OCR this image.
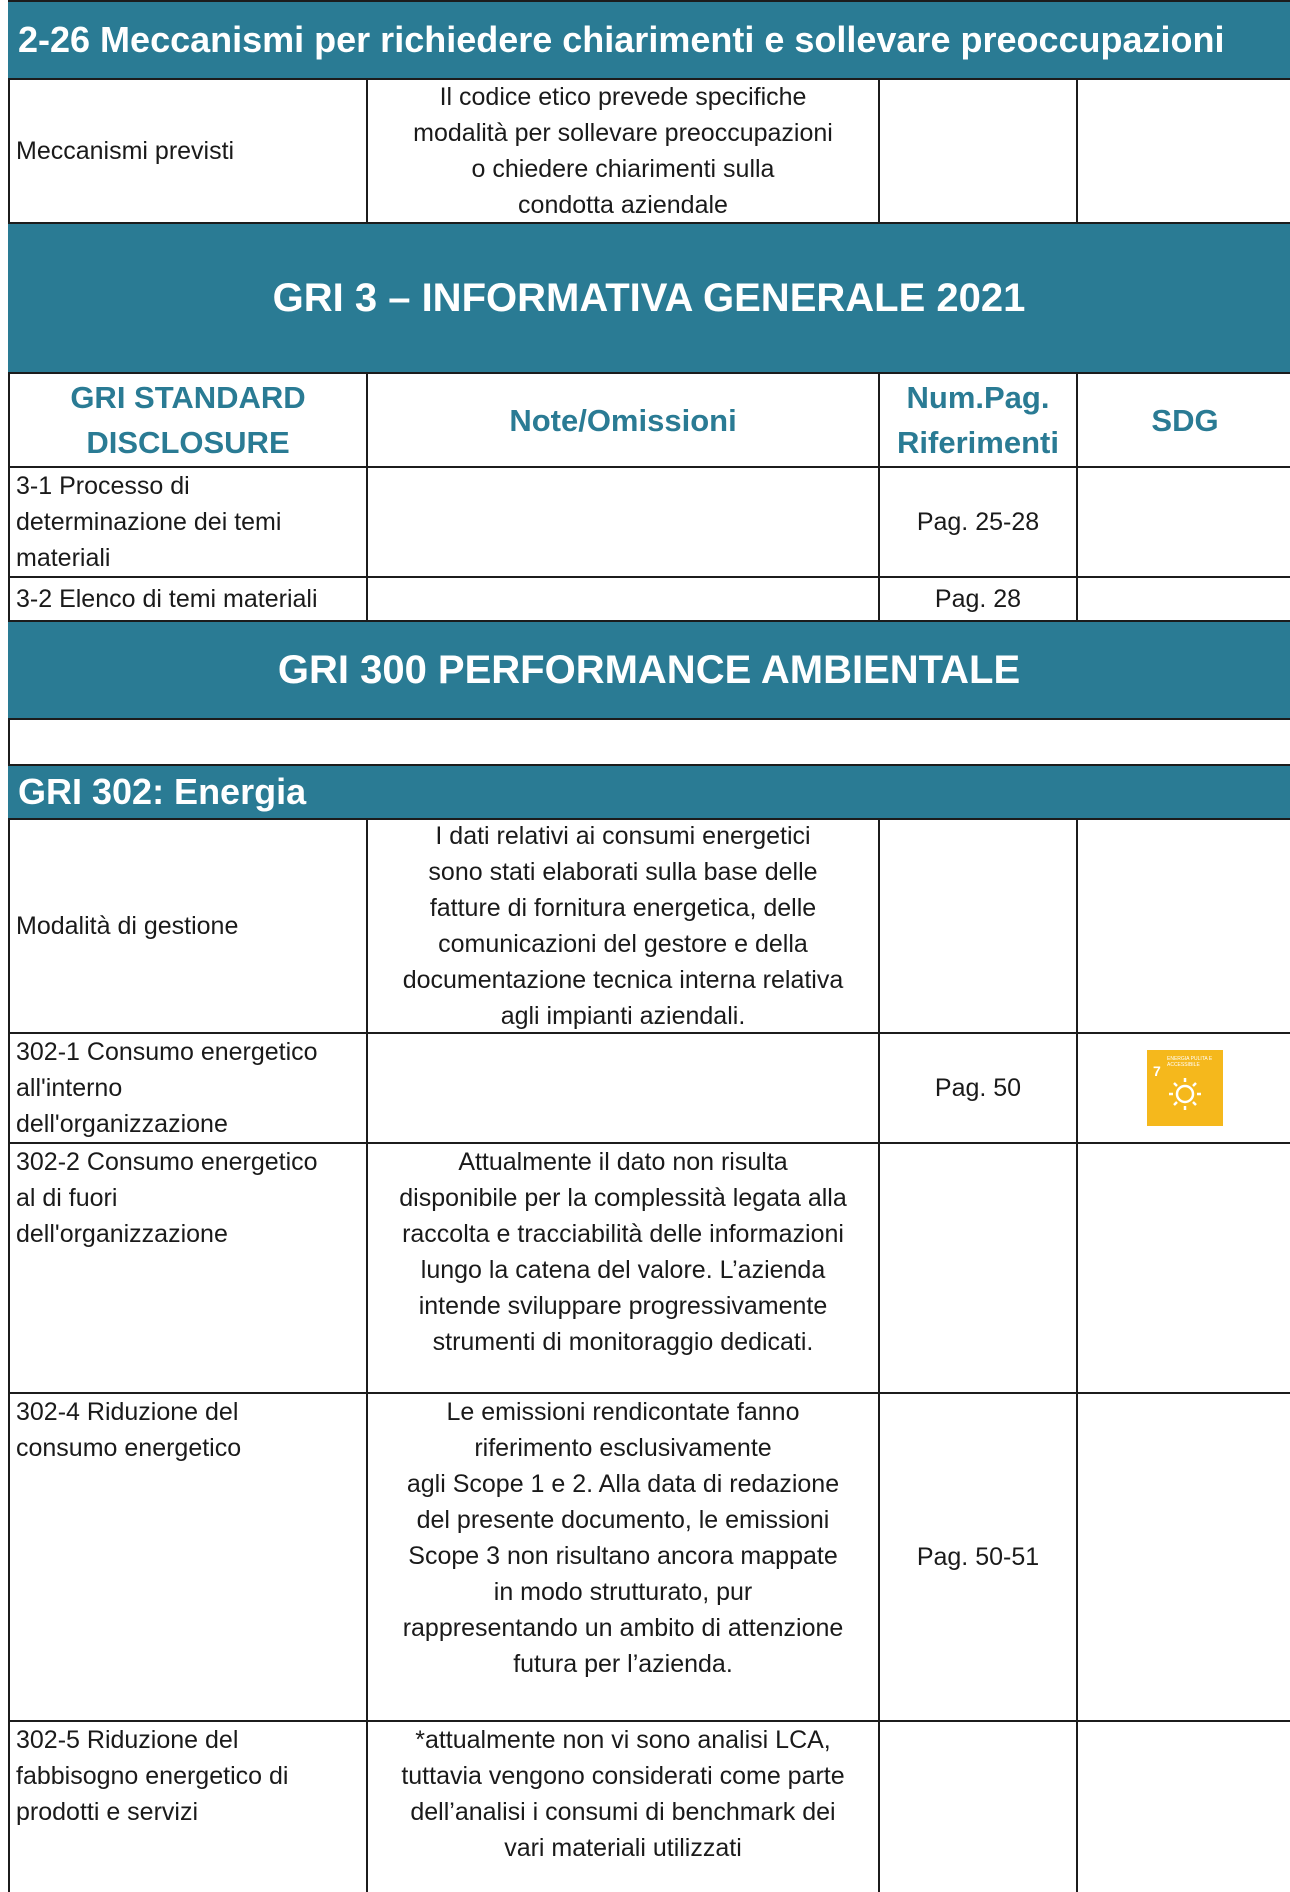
2-26 Meccanismi per richiedere chiarimenti e sollevare preoccupazioni
Meccanismi previsti
Il codice etico prevede specifiche
modalità per sollevare preoccupazioni
o chiedere chiarimenti sulla
condotta aziendale
GRI 3 – INFORMATIVA GENERALE 2021
GRI STANDARD
DISCLOSURE
Note/Omissioni
Num.Pag.
Riferimenti
SDG
3-1 Processo di
determinazione dei temi
materiali
Pag. 25-28
3-2 Elenco di temi materiali	Pag. 28
GRI 300 PERFORMANCE AMBIENTALE
GRI 302: Energia
Modalità di gestione
I dati relativi ai consumi energetici
sono stati elaborati sulla base delle
fatture di fornitura energetica, delle
comunicazioni del gestore e della
documentazione tecnica interna relativa
agli impianti aziendali.
302-1 Consumo energetico
all'interno
dell'organizzazione
Pag. 50
7
ENERGIA PULITA E ACCESSIBILE
302-2 Consumo energetico
al di fuori
dell'organizzazione
Attualmente il dato non risulta
disponibile per la complessità legata alla
raccolta e tracciabilità delle informazioni
lungo la catena del valore. L’azienda
intende sviluppare progressivamente
strumenti di monitoraggio dedicati.
302-4 Riduzione del
consumo energetico
Le emissioni rendicontate fanno
riferimento esclusivamente
agli Scope 1 e 2. Alla data di redazione
del presente documento, le emissioni
Scope 3 non risultano ancora mappate
in modo strutturato, pur
rappresentando un ambito di attenzione
futura per l’azienda.
Pag. 50-51
302-5 Riduzione del
fabbisogno energetico di
prodotti e servizi
*attualmente non vi sono analisi LCA,
tuttavia vengono considerati come parte
dell’analisi i consumi di benchmark dei
vari materiali utilizzati
